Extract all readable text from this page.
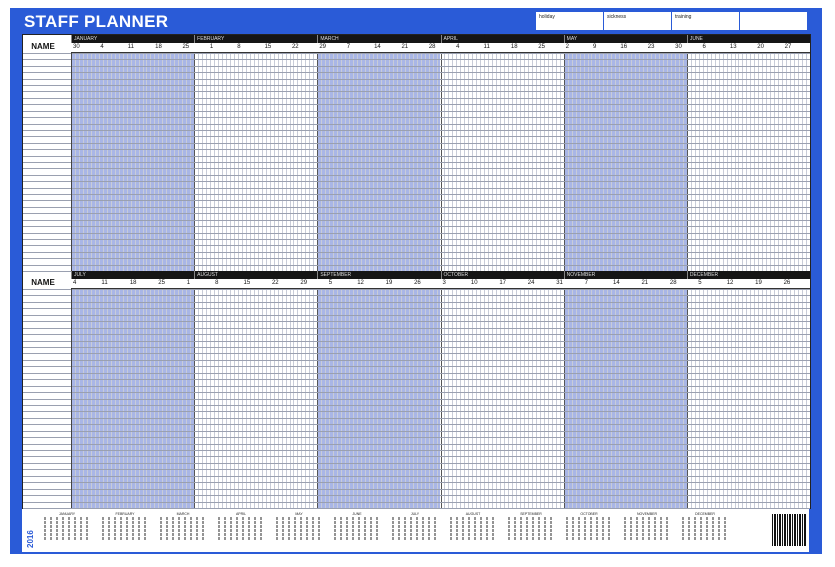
STAFF PLANNER	holiday	sickness	training
NAME
JANUARY	FEBRUARY	MARCH	APRIL	MAY	JUNE
30	4	11	18	25	1	8	15	22	29	7	14	21	28	4	11	18	25	2	9	16	23	30	6	13	20	27
NAME
JULY	AUGUST	SEPTEMBER	OCTOBER	NOVEMBER	DECEMBER
4	11	18	25	1	8	15	22	29	5	12	19	26	3	10	17	24	31	7	14	21	28	5	12	19	26
2016
JANUARY	FEBRUARY	MARCH	APRIL	MAY	JUNE	JULY	AUGUST	SEPTEMBER	OCTOBER	NOVEMBER	DECEMBER
